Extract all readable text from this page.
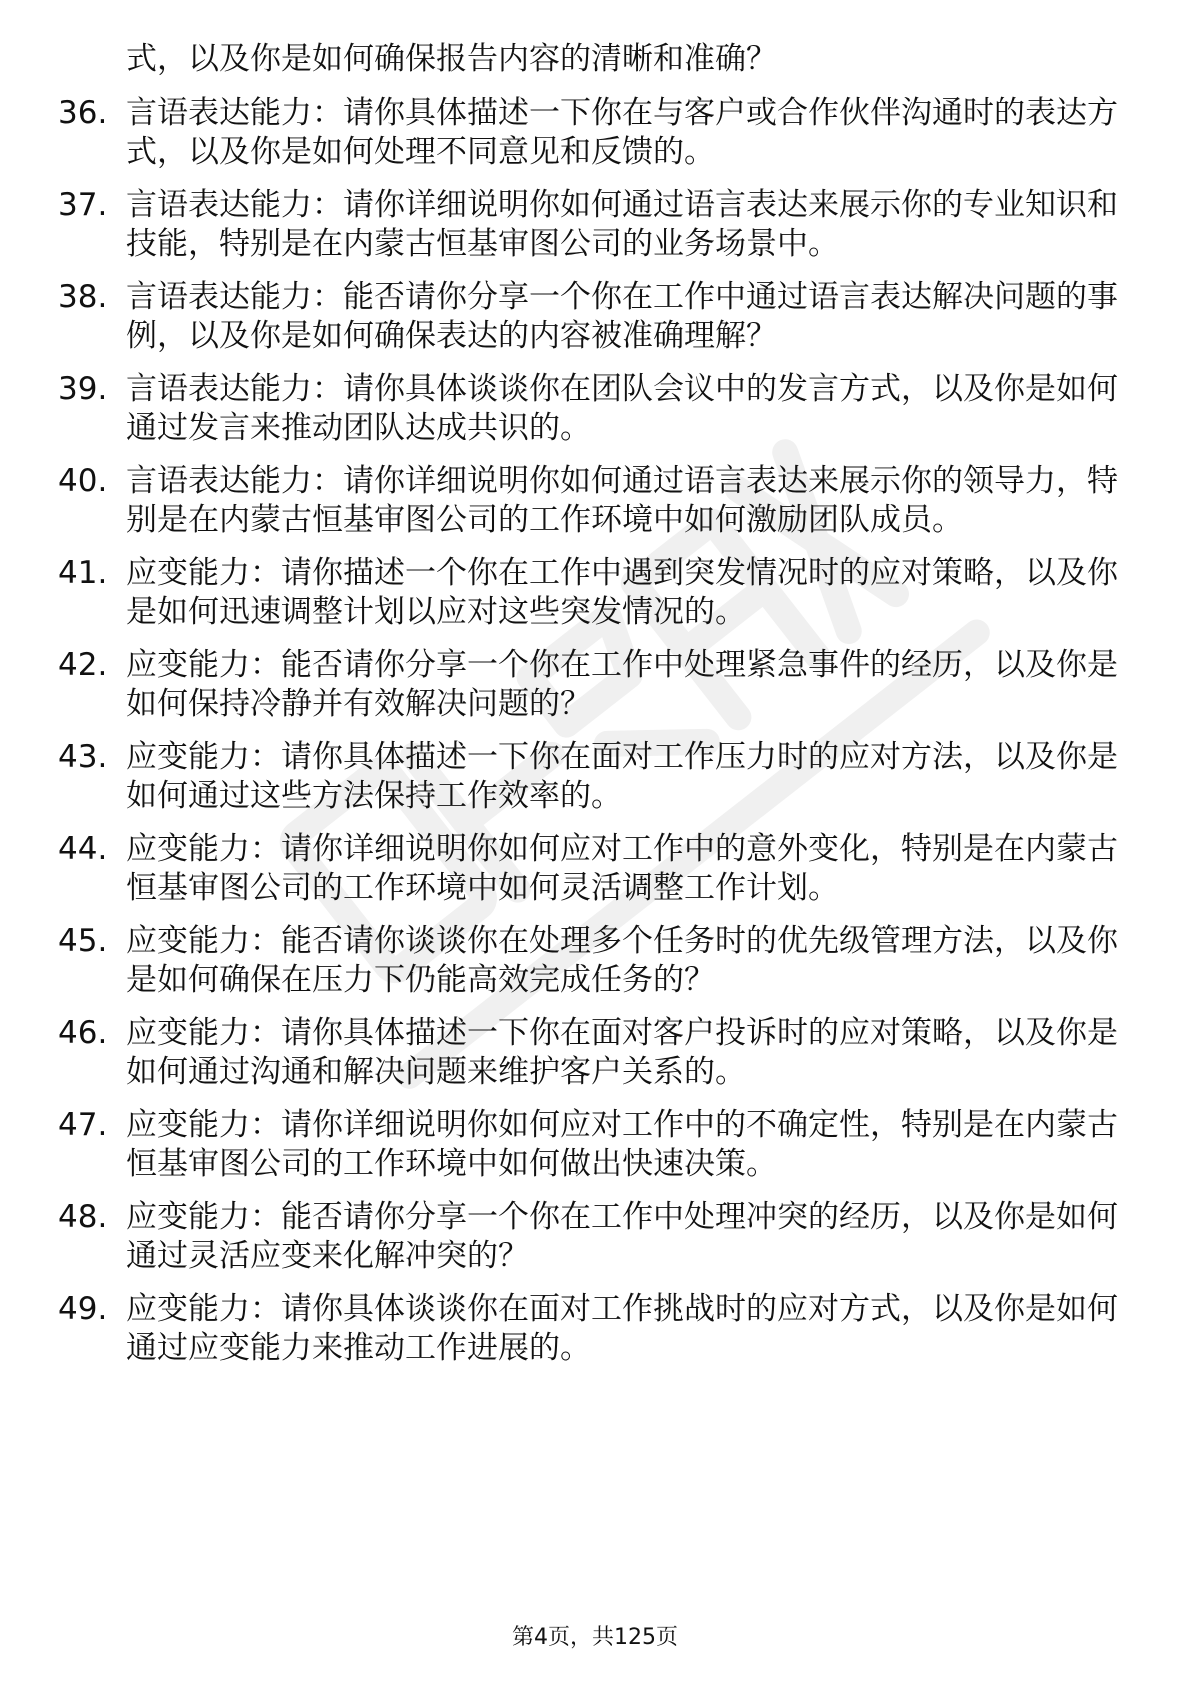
式，以及你是如何确保报告内容的清晰和准确？
36. 言语表达能力：请你具体描述一下你在与客户或合作伙伴沟通时的表达方式，以及你是如何处理不同意见和反馈的。
37. 言语表达能力：请你详细说明你如何通过语言表达来展示你的专业知识和技能，特别是在内蒙古恒基审图公司的业务场景中。
38. 言语表达能力：能否请你分享一个你在工作中通过语言表达解决问题的事例，以及你是如何确保表达的内容被准确理解？
39. 言语表达能力：请你具体谈谈你在团队会议中的发言方式，以及你是如何通过发言来推动团队达成共识的。
40. 言语表达能力：请你详细说明你如何通过语言表达来展示你的领导力，特别是在内蒙古恒基审图公司的工作环境中如何激励团队成员。
41. 应变能力：请你描述一个你在工作中遇到突发情况时的应对策略，以及你是如何迅速调整计划以应对这些突发情况的。
42. 应变能力：能否请你分享一个你在工作中处理紧急事件的经历，以及你是如何保持冷静并有效解决问题的？
43. 应变能力：请你具体描述一下你在面对工作压力时的应对方法，以及你是如何通过这些方法保持工作效率的。
44. 应变能力：请你详细说明你如何应对工作中的意外变化，特别是在内蒙古恒基审图公司的工作环境中如何灵活调整工作计划。
45. 应变能力：能否请你谈谈你在处理多个任务时的优先级管理方法，以及你是如何确保在压力下仍能高效完成任务的？
46. 应变能力：请你具体描述一下你在面对客户投诉时的应对策略，以及你是如何通过沟通和解决问题来维护客户关系的。
47. 应变能力：请你详细说明你如何应对工作中的不确定性，特别是在内蒙古恒基审图公司的工作环境中如何做出快速决策。
48. 应变能力：能否请你分享一个你在工作中处理冲突的经历，以及你是如何通过灵活应变来化解冲突的？
49. 应变能力：请你具体谈谈你在面对工作挑战时的应对方式，以及你是如何通过应变能力来推动工作进展的。
第4页，共125页
